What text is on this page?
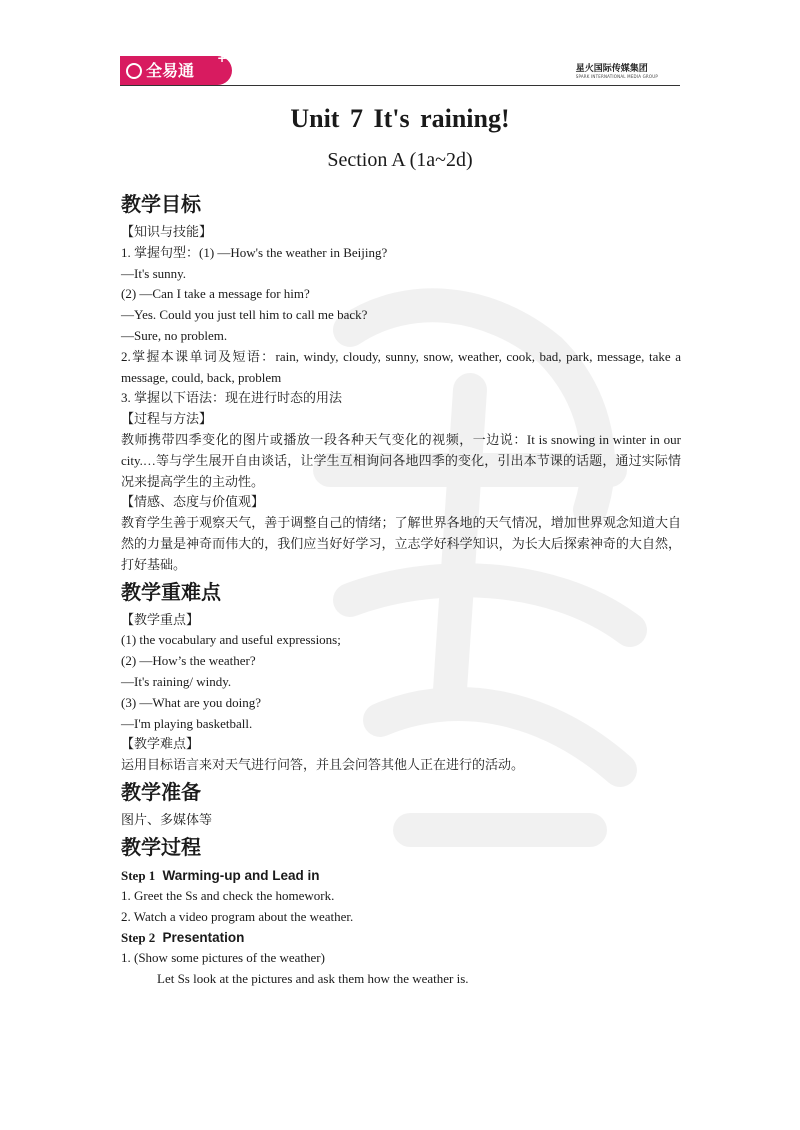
全易通
+
星火国际传媒集团
SPARK INTERNATIONAL MEDIA GROUP
Unit 7 It's raining!
Section A (1a~2d)
教学目标
【知识与技能】
1. 掌握句型：(1) —How's the weather in Beijing?
—It's sunny.
(2) —Can I take a message for him?
—Yes. Could you just tell him to call me back?
—Sure, no problem.
2.掌握本课单词及短语：rain, windy, cloudy, sunny, snow, weather, cook, bad, park, message, take a message, could, back, problem
3. 掌握以下语法：现在进行时态的用法
【过程与方法】
教师携带四季变化的图片或播放一段各种天气变化的视频，一边说：It is snowing in winter in our city.…等与学生展开自由谈话，让学生互相询问各地四季的变化，引出本节课的话题，通过实际情况来提高学生的主动性。
【情感、态度与价值观】
教育学生善于观察天气，善于调整自己的情绪；了解世界各地的天气情况，增加世界观念知道大自然的力量是神奇而伟大的，我们应当好好学习，立志学好科学知识，为长大后探索神奇的大自然，打好基础。
教学重难点
【教学重点】
(1) the vocabulary and useful expressions;
(2) —How’s the weather?
—It's raining/ windy.
(3) —What are you doing?
—I'm playing basketball.
【教学难点】
运用目标语言来对天气进行问答，并且会问答其他人正在进行的活动。
教学准备
图片、多媒体等
教学过程
Step 1 Warming-up and Lead in
1. Greet the Ss and check the homework.
2. Watch a video program about the weather.
Step 2 Presentation
1. (Show some pictures of the weather)
Let Ss look at the pictures and ask them how the weather is.
